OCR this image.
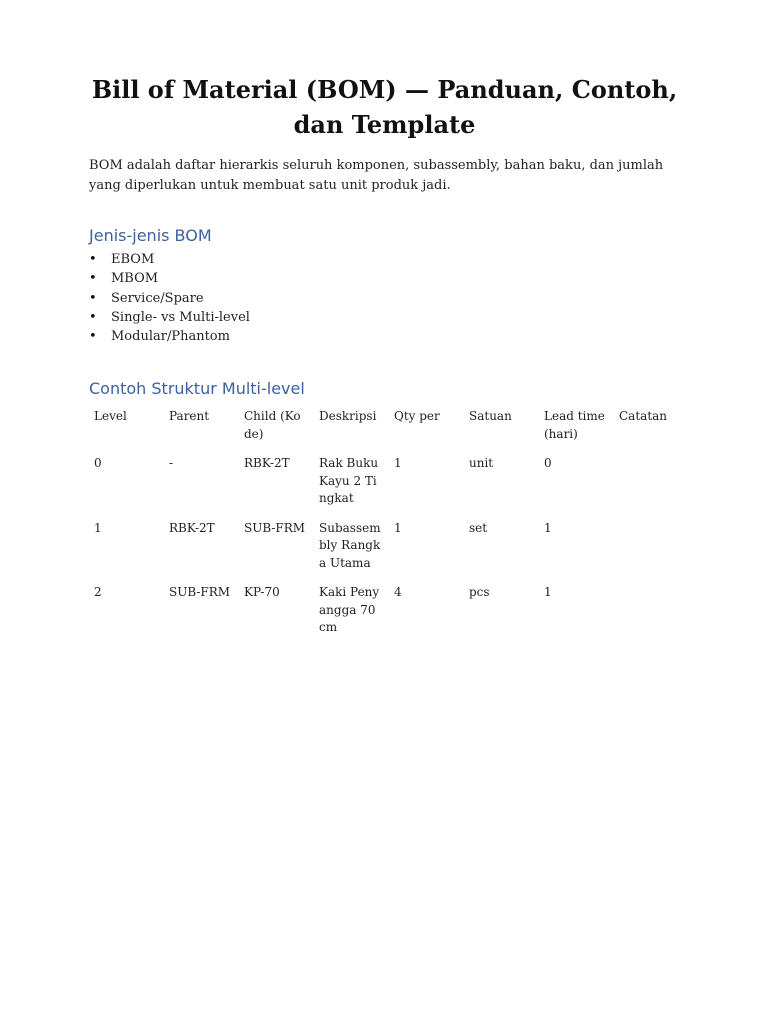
Bill of Material (BOM) — Panduan, Contoh, dan Template

BOM adalah daftar hierarkis seluruh komponen, subassembly, bahan baku, dan jumlah yang diperlukan untuk membuat satu unit produk jadi.

Jenis-jenis BOM
• EBOM
• MBOM
• Service/Spare
• Single- vs Multi-level
• Modular/Phantom
Contoh Struktur Multi-level
Level	Parent	Child (Kode)	Deskripsi	Qty per	Satuan	Lead time (hari)	Catatan
0	-	RBK-2T	Rak Buku Kayu 2 Tingkat	1	unit	0	
1	RBK-2T	SUB-FRM	Subassembly Rangka Utama	1	set	1	
2	SUB-FRM	KP-70	Kaki Penyangga 70 cm	4	pcs	1	
